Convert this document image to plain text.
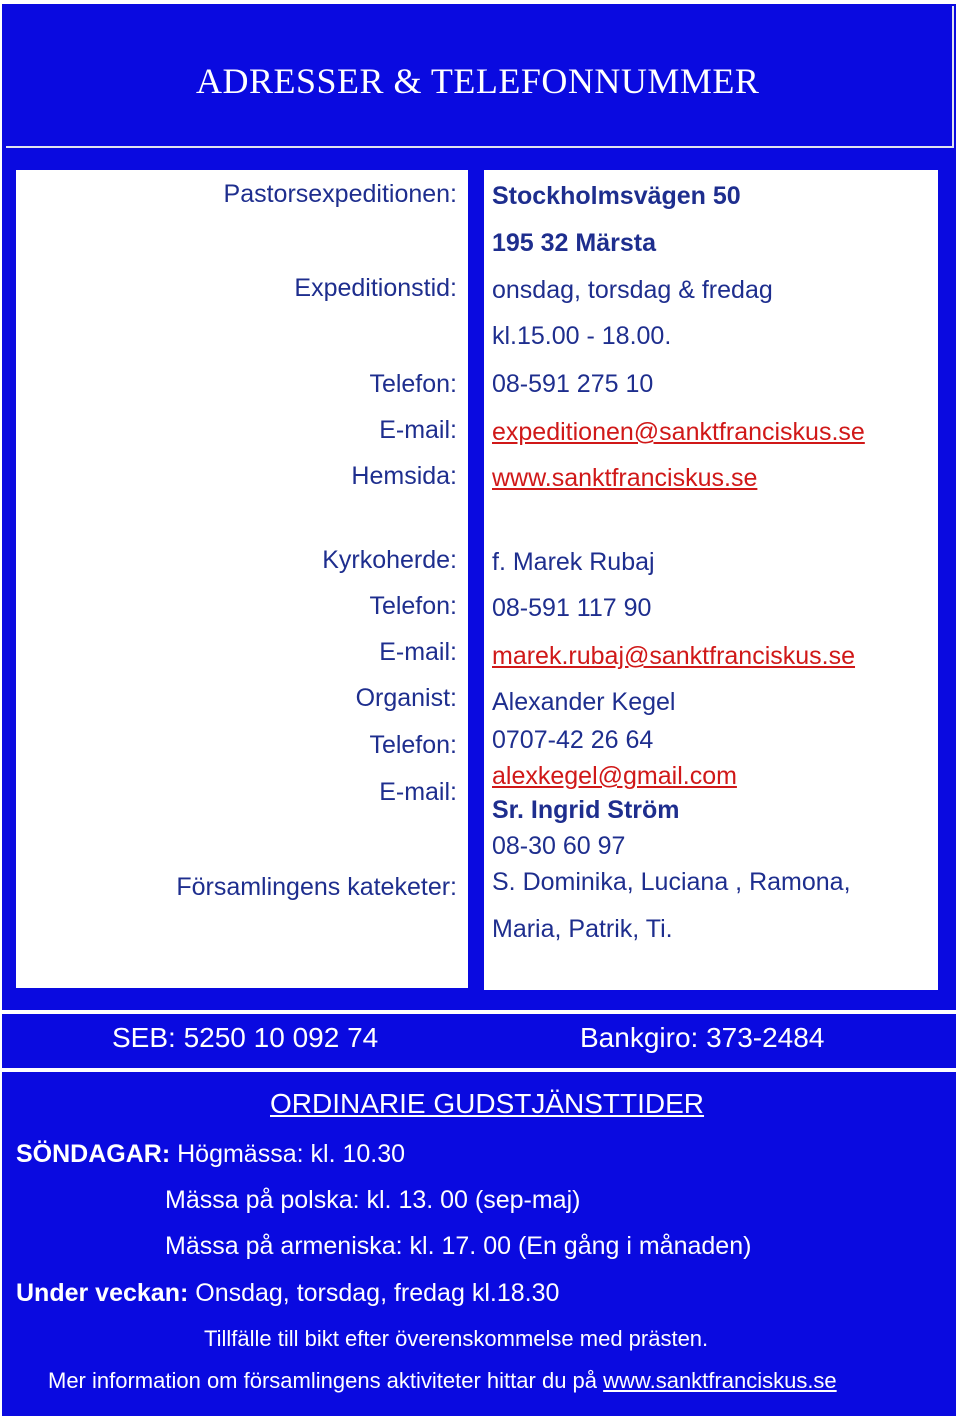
ADRESSER & TELEFONNUMMER
Pastorsexpeditionen:
Expeditionstid:
Telefon:
E-mail:
Hemsida:
Kyrkoherde:
Telefon:
E-mail:
Organist:
Telefon:
E-mail:
Församlingens kateketer:
Stockholmsvägen 50
195 32 Märsta
onsdag, torsdag & fredag
kl.15.00 - 18.00.
08-591 275 10
expeditionen@sanktfranciskus.se
www.sanktfranciskus.se
f. Marek Rubaj
08-591 117 90
marek.rubaj@sanktfranciskus.se
Alexander Kegel
0707-42 26 64
alexkegel@gmail.com
Sr. Ingrid Ström
08-30 60 97
S. Dominika, Luciana , Ramona,
Maria, Patrik, Ti.
SEB: 5250 10 092 74	Bankgiro: 373-2484
ORDINARIE GUDSTJÄNSTTIDER
SÖNDAGAR: Högmässa: kl. 10.30
Mässa på polska: kl. 13. 00 (sep-maj)
Mässa på armeniska: kl. 17. 00 (En gång i månaden)
Under veckan: Onsdag, torsdag, fredag kl.18.30
Tillfälle till bikt efter överenskommelse med prästen.
Mer information om församlingens aktiviteter hittar du på www.sanktfranciskus.se
